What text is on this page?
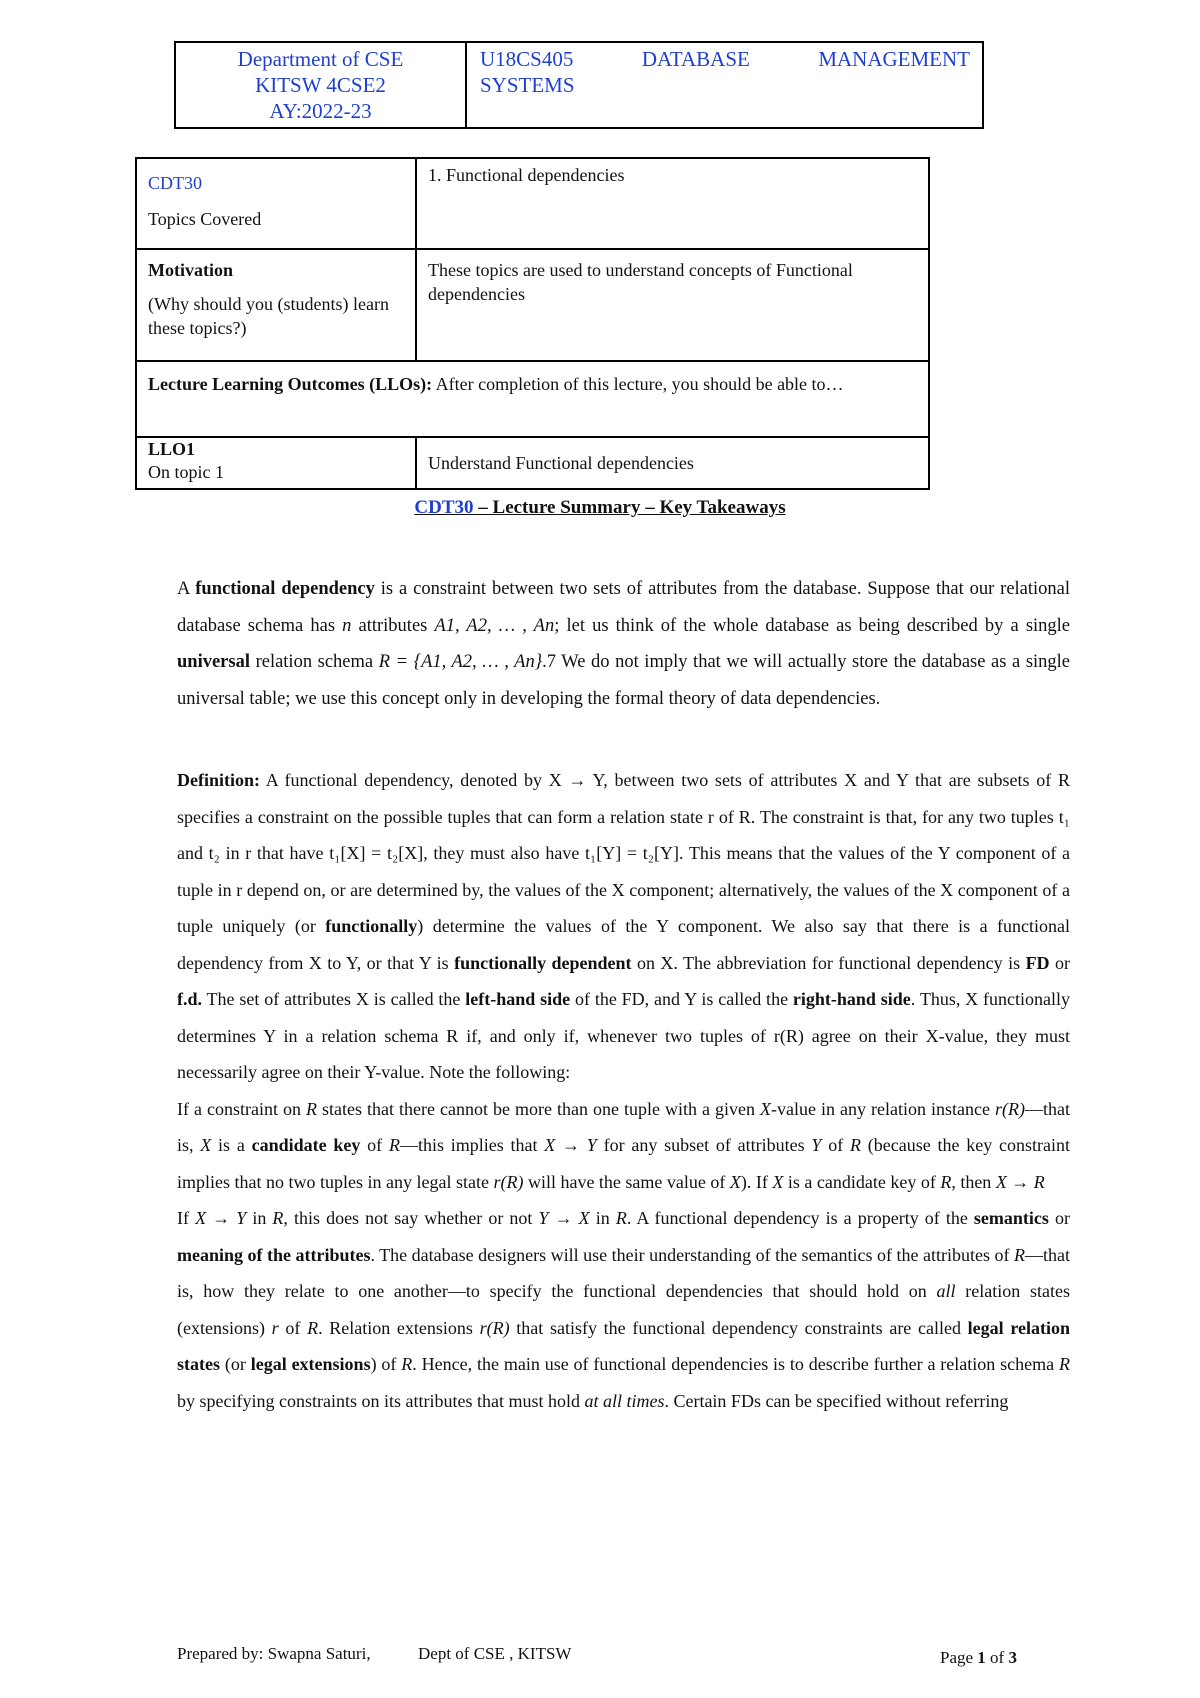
Department of CSE
KITSW 4CSE2
AY:2022-23
U18CS405	DATABASE	MANAGEMENT
SYSTEMS
CDT30
Topics Covered	1. Functional dependencies

Motivation
(Why should you (students) learn these topics?)	These topics are used to understand concepts of Functional dependencies
Lecture Learning Outcomes (LLOs): After completion of this lecture, you should be able to…	

LLO1
On topic 1	Understand Functional dependencies
CDT30 – Lecture Summary – Key Takeaways

A functional dependency is a constraint between two sets of attributes from the database. Suppose that our relational database schema has n attributes A1, A2, … , An; let us think of the whole database as being described by a single universal relation schema R = {A1, A2, … , An}.7 We do not imply that we will actually store the database as a single universal table; we use this concept only in developing the formal theory of data dependencies.

Definition: A functional dependency, denoted by X → Y, between two sets of attributes X and Y that are subsets of R specifies a constraint on the possible tuples that can form a relation state r of R. The constraint is that, for any two tuples t₁ and t₂ in r that have t₁[X] = t₂[X], they must also have t₁[Y] = t₂[Y]. This means that the values of the Y component of a tuple in r depend on, or are determined by, the values of the X component; alternatively, the values of the X component of a tuple uniquely (or functionally) determine the values of the Y component. We also say that there is a functional dependency from X to Y, or that Y is functionally dependent on X. The abbreviation for functional dependency is FD or f.d. The set of attributes X is called the left-hand side of the FD, and Y is called the right-hand side. Thus, X functionally determines Y in a relation schema R if, and only if, whenever two tuples of r(R) agree on their X-value, they must necessarily agree on their Y-value. Note the following:

If a constraint on R states that there cannot be more than one tuple with a given X-value in any relation instance r(R)—that is, X is a candidate key of R—this implies that X → Y for any subset of attributes Y of R (because the key constraint implies that no two tuples in any legal state r(R) will have the same value of X). If X is a candidate key of R, then X → R

If X → Y in R, this does not say whether or not Y → X in R. A functional dependency is a property of the semantics or meaning of the attributes. The database designers will use their understanding of the semantics of the attributes of R—that is, how they relate to one another—to specify the functional dependencies that should hold on all relation states (extensions) r of R. Relation extensions r(R) that satisfy the functional dependency constraints are called legal relation states (or legal extensions) of R. Hence, the main use of functional dependencies is to describe further a relation schema R by specifying constraints on its attributes that must hold at all times. Certain FDs can be specified without referring

Prepared by: Swapna Saturi,	Dept of CSE , KITSW	Page 1 of 3
